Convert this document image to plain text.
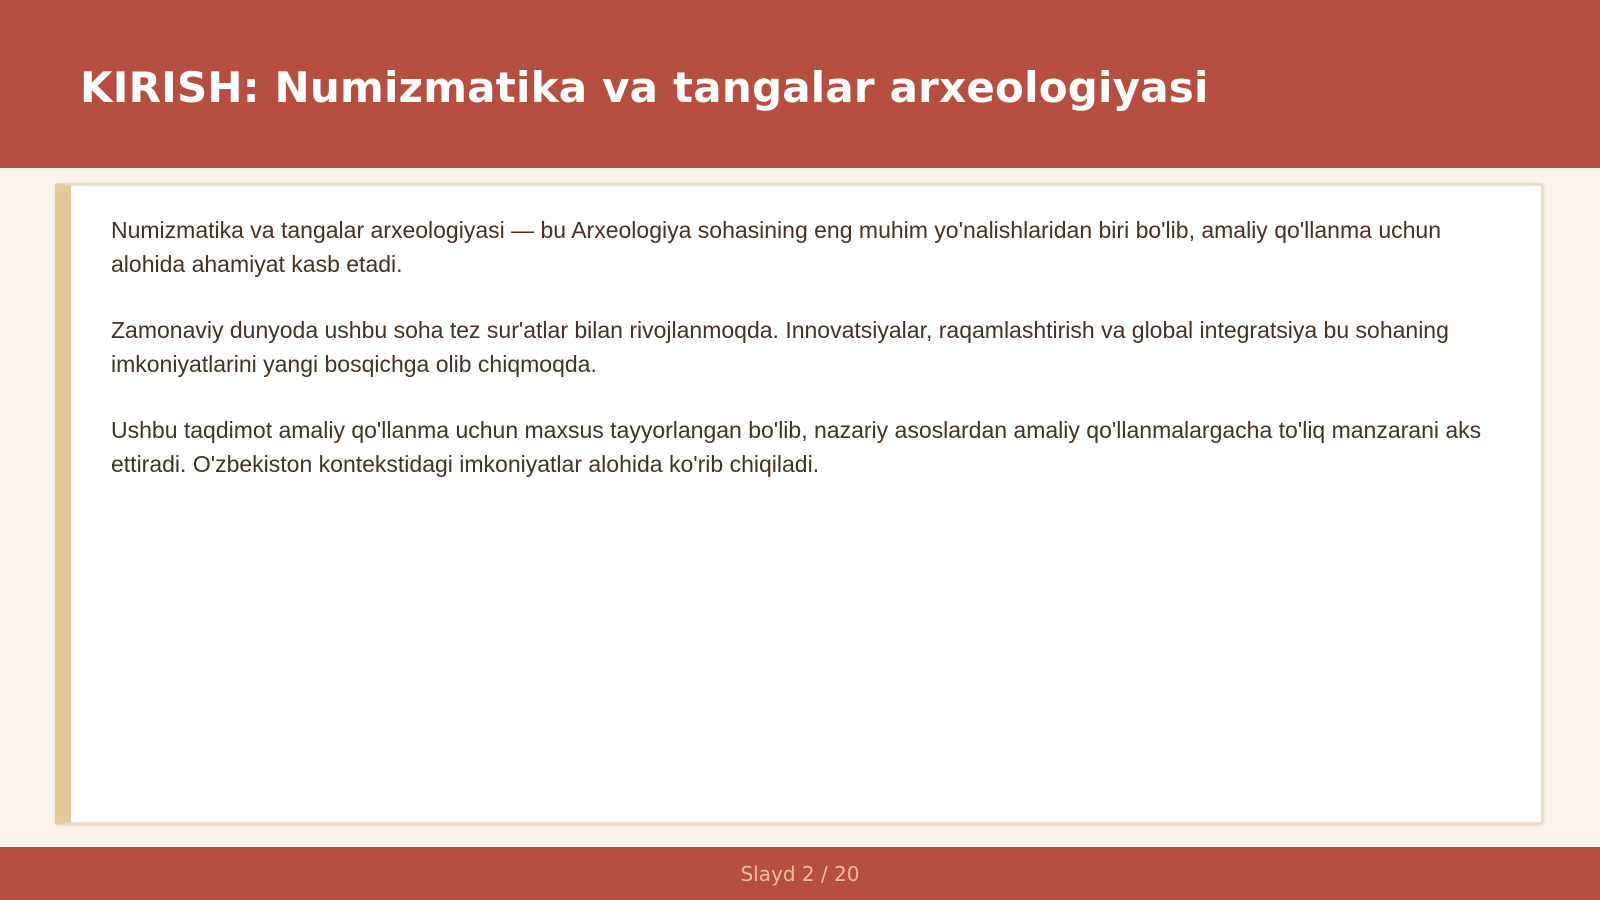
KIRISH: Numizmatika va tangalar arxeologiyasi

Numizmatika va tangalar arxeologiyasi — bu Arxeologiya sohasining eng muhim yo'nalishlaridan biri bo'lib, amaliy qo'llanma uchun alohida ahamiyat kasb etadi.

Zamonaviy dunyoda ushbu soha tez sur'atlar bilan rivojlanmoqda. Innovatsiyalar, raqamlashtirish va global integratsiya bu sohaning imkoniyatlarini yangi bosqichga olib chiqmoqda.

Ushbu taqdimot amaliy qo'llanma uchun maxsus tayyorlangan bo'lib, nazariy asoslardan amaliy qo'llanmalargacha to'liq manzarani aks ettiradi. O'zbekiston kontekstidagi imkoniyatlar alohida ko'rib chiqiladi.

Slayd 2 / 20
